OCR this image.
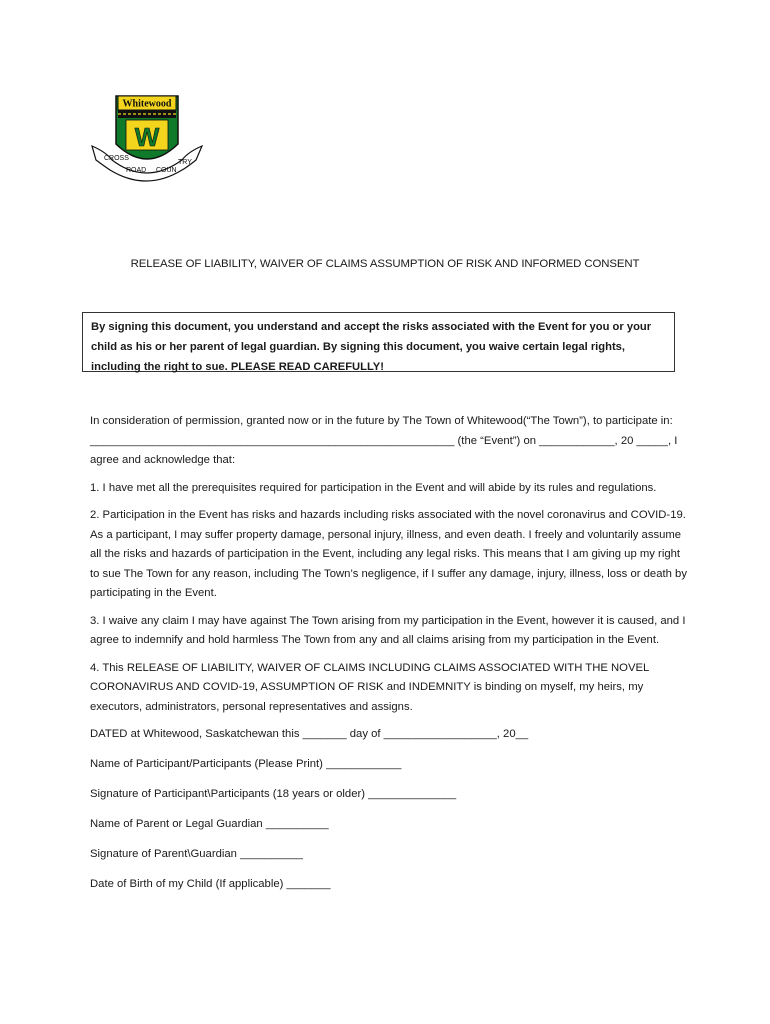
Whitewood
W
CROSS ROAD COUNTRY
RELEASE OF LIABILITY, WAIVER OF CLAIMS ASSUMPTION OF RISK AND INFORMED CONSENT
By signing this document, you understand and accept the risks associated with the Event for you or your child as his or her parent of legal guardian. By signing this document, you waive certain legal rights, including the right to sue. PLEASE READ CAREFULLY!

In consideration of permission, granted now or in the future by The Town of Whitewood(“The Town”), to participate in: __________________________________________________________ (the “Event”) on ____________, 20 _____, I agree and acknowledge that:

1. I have met all the prerequisites required for participation in the Event and will abide by its rules and regulations.

2. Participation in the Event has risks and hazards including risks associated with the novel coronavirus and COVID-19. As a participant, I may suffer property damage, personal injury, illness, and even death. I freely and voluntarily assume all the risks and hazards of participation in the Event, including any legal risks. This means that I am giving up my right to sue The Town for any reason, including The Town’s negligence, if I suffer any damage, injury, illness, loss or death by participating in the Event.

3. I waive any claim I may have against The Town arising from my participation in the Event, however it is caused, and I agree to indemnify and hold harmless The Town from any and all claims arising from my participation in the Event.

4. This RELEASE OF LIABILITY, WAIVER OF CLAIMS INCLUDING CLAIMS ASSOCIATED WITH THE NOVEL CORONAVIRUS AND COVID-19, ASSUMPTION OF RISK and INDEMNITY is binding on myself, my heirs, my executors, administrators, personal representatives and assigns.

DATED at Whitewood, Saskatchewan this _______ day of __________________, 20__
Name of Participant/Participants (Please Print) ____________
Signature of Participant\Participants (18 years or older) ______________
Name of Parent or Legal Guardian __________
Signature of Parent\Guardian __________
Date of Birth of my Child (If applicable) _______
